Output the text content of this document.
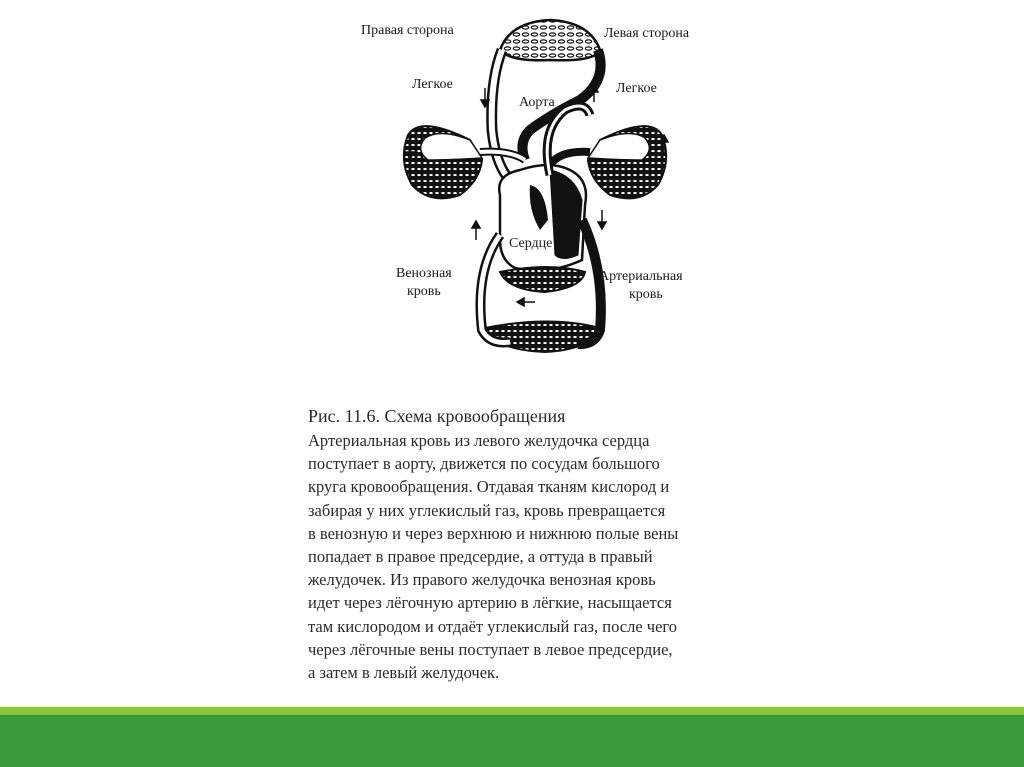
Правая сторона	Левая сторона
Легкое	Легкое
Аорта
Сердце
Венозная
кровь
Артериальная
кровь
Рис. 11.6. Схема кровообращения
Артериальная кровь из левого желудочка сердца
поступает в аорту, движется по сосудам большого
круга кровообращения. Отдавая тканям кислород и
забирая у них углекислый газ, кровь превращается
в венозную и через верхнюю и нижнюю полые вены
попадает в правое предсердие, а оттуда в правый
желудочек. Из правого желудочка венозная кровь
идет через лёгочную артерию в лёгкие, насыщается
там кислородом и отдаёт углекислый газ, после чего
через лёгочные вены поступает в левое предсердие,
а затем в левый желудочек.
